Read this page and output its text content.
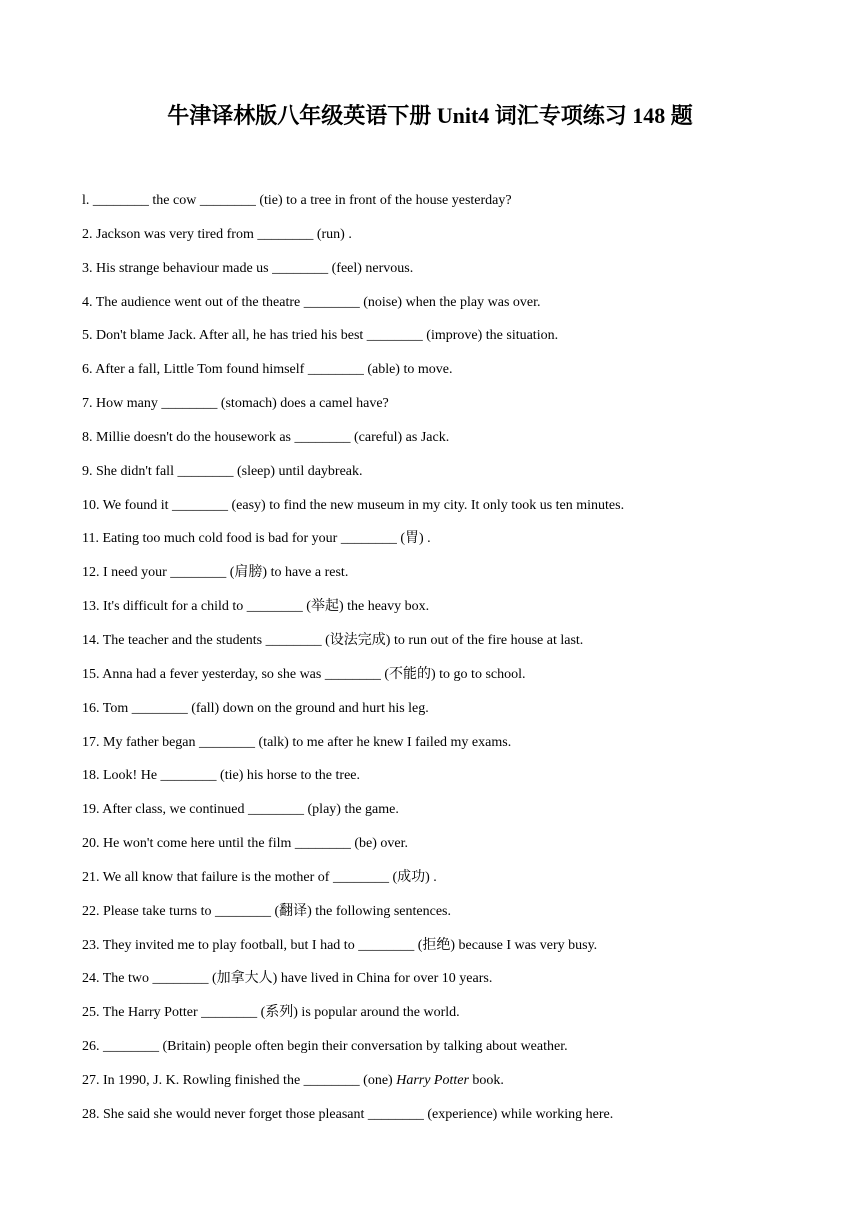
牛津译林版八年级英语下册 Unit4 词汇专项练习 148 题
l. ________ the cow ________ (tie) to a tree in front of the house yesterday?
2. Jackson was very tired from ________ (run) .
3. His strange behaviour made us ________ (feel) nervous.
4. The audience went out of the theatre ________ (noise) when the play was over.
5. Don't blame Jack. After all, he has tried his best ________ (improve) the situation.
6. After a fall, Little Tom found himself ________ (able) to move.
7. How many ________ (stomach) does a camel have?
8. Millie doesn't do the housework as ________ (careful) as Jack.
9. She didn't fall ________ (sleep) until daybreak.
10. We found it ________ (easy) to find the new museum in my city. It only took us ten minutes.
11. Eating too much cold food is bad for your ________ (胃) .
12. I need your ________ (肩膀) to have a rest.
13. It's difficult for a child to ________ (举起) the heavy box.
14. The teacher and the students ________ (设法完成) to run out of the fire house at last.
15. Anna had a fever yesterday, so she was ________ (不能的) to go to school.
16. Tom ________ (fall) down on the ground and hurt his leg.
17. My father began ________ (talk) to me after he knew I failed my exams.
18. Look! He ________ (tie) his horse to the tree.
19. After class, we continued ________ (play) the game.
20. He won't come here until the film ________ (be) over.
21. We all know that failure is the mother of ________ (成功) .
22. Please take turns to ________ (翻译) the following sentences.
23. They invited me to play football, but I had to ________ (拒绝) because I was very busy.
24. The two ________ (加拿大人) have lived in China for over 10 years.
25. The Harry Potter ________ (系列) is popular around the world.
26. ________ (Britain) people often begin their conversation by talking about weather.
27. In 1990, J. K. Rowling finished the ________ (one) Harry Potter book.
28. She said she would never forget those pleasant ________ (experience) while working here.
